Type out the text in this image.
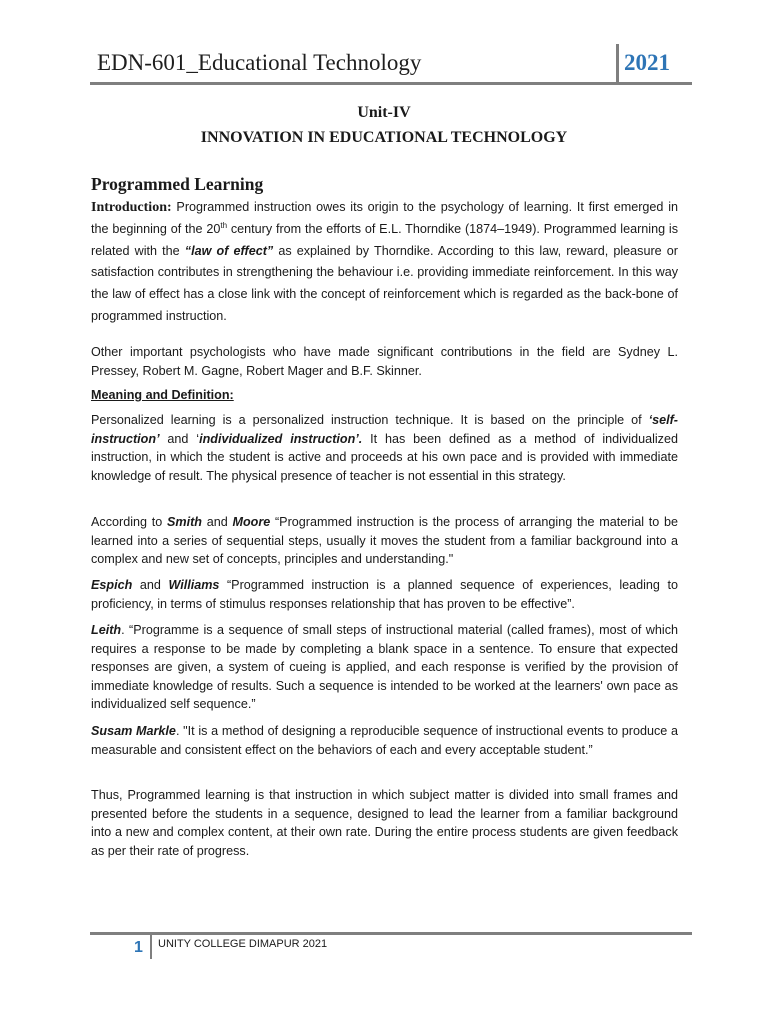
EDN-601_Educational Technology	2021
Unit-IV
INNOVATION IN EDUCATIONAL TECHNOLOGY
Programmed Learning
Introduction: Programmed instruction owes its origin to the psychology of learning. It first emerged in the beginning of the 20th century from the efforts of E.L. Thorndike (1874–1949). Programmed learning is related with the “law of effect” as explained by Thorndike. According to this law, reward, pleasure or satisfaction contributes in strengthening the behaviour i.e. providing immediate reinforcement. In this way the law of effect has a close link with the concept of reinforcement which is regarded as the back-bone of programmed instruction.
Other important psychologists who have made significant contributions in the field are Sydney L. Pressey, Robert M. Gagne, Robert Mager and B.F. Skinner.
Meaning and Definition:
Personalized learning is a personalized instruction technique. It is based on the principle of ‘self-instruction’ and ‘individualized instruction’. It has been defined as a method of individualized instruction, in which the student is active and proceeds at his own pace and is provided with immediate knowledge of result. The physical presence of teacher is not essential in this strategy.
According to Smith and Moore “Programmed instruction is the process of arranging the material to be learned into a series of sequential steps, usually it moves the student from a familiar background into a complex and new set of concepts, principles and understanding."
Espich and Williams “Programmed instruction is a planned sequence of experiences, leading to proficiency, in terms of stimulus responses relationship that has proven to be effective”.
Leith. “Programme is a sequence of small steps of instructional material (called frames), most of which requires a response to be made by completing a blank space in a sentence. To ensure that expected responses are given, a system of cueing is applied, and each response is verified by the provision of immediate knowledge of results. Such a sequence is intended to be worked at the learners' own pace as individualized self sequence.”
Susam Markle. "It is a method of designing a reproducible sequence of instructional events to produce a measurable and consistent effect on the behaviors of each and every acceptable student.”
Thus, Programmed learning is that instruction in which subject matter is divided into small frames and presented before the students in a sequence, designed to lead the learner from a familiar background into a new and complex content, at their own rate. During the entire process students are given feedback as per their rate of progress.
1 UNITY COLLEGE DIMAPUR 2021
